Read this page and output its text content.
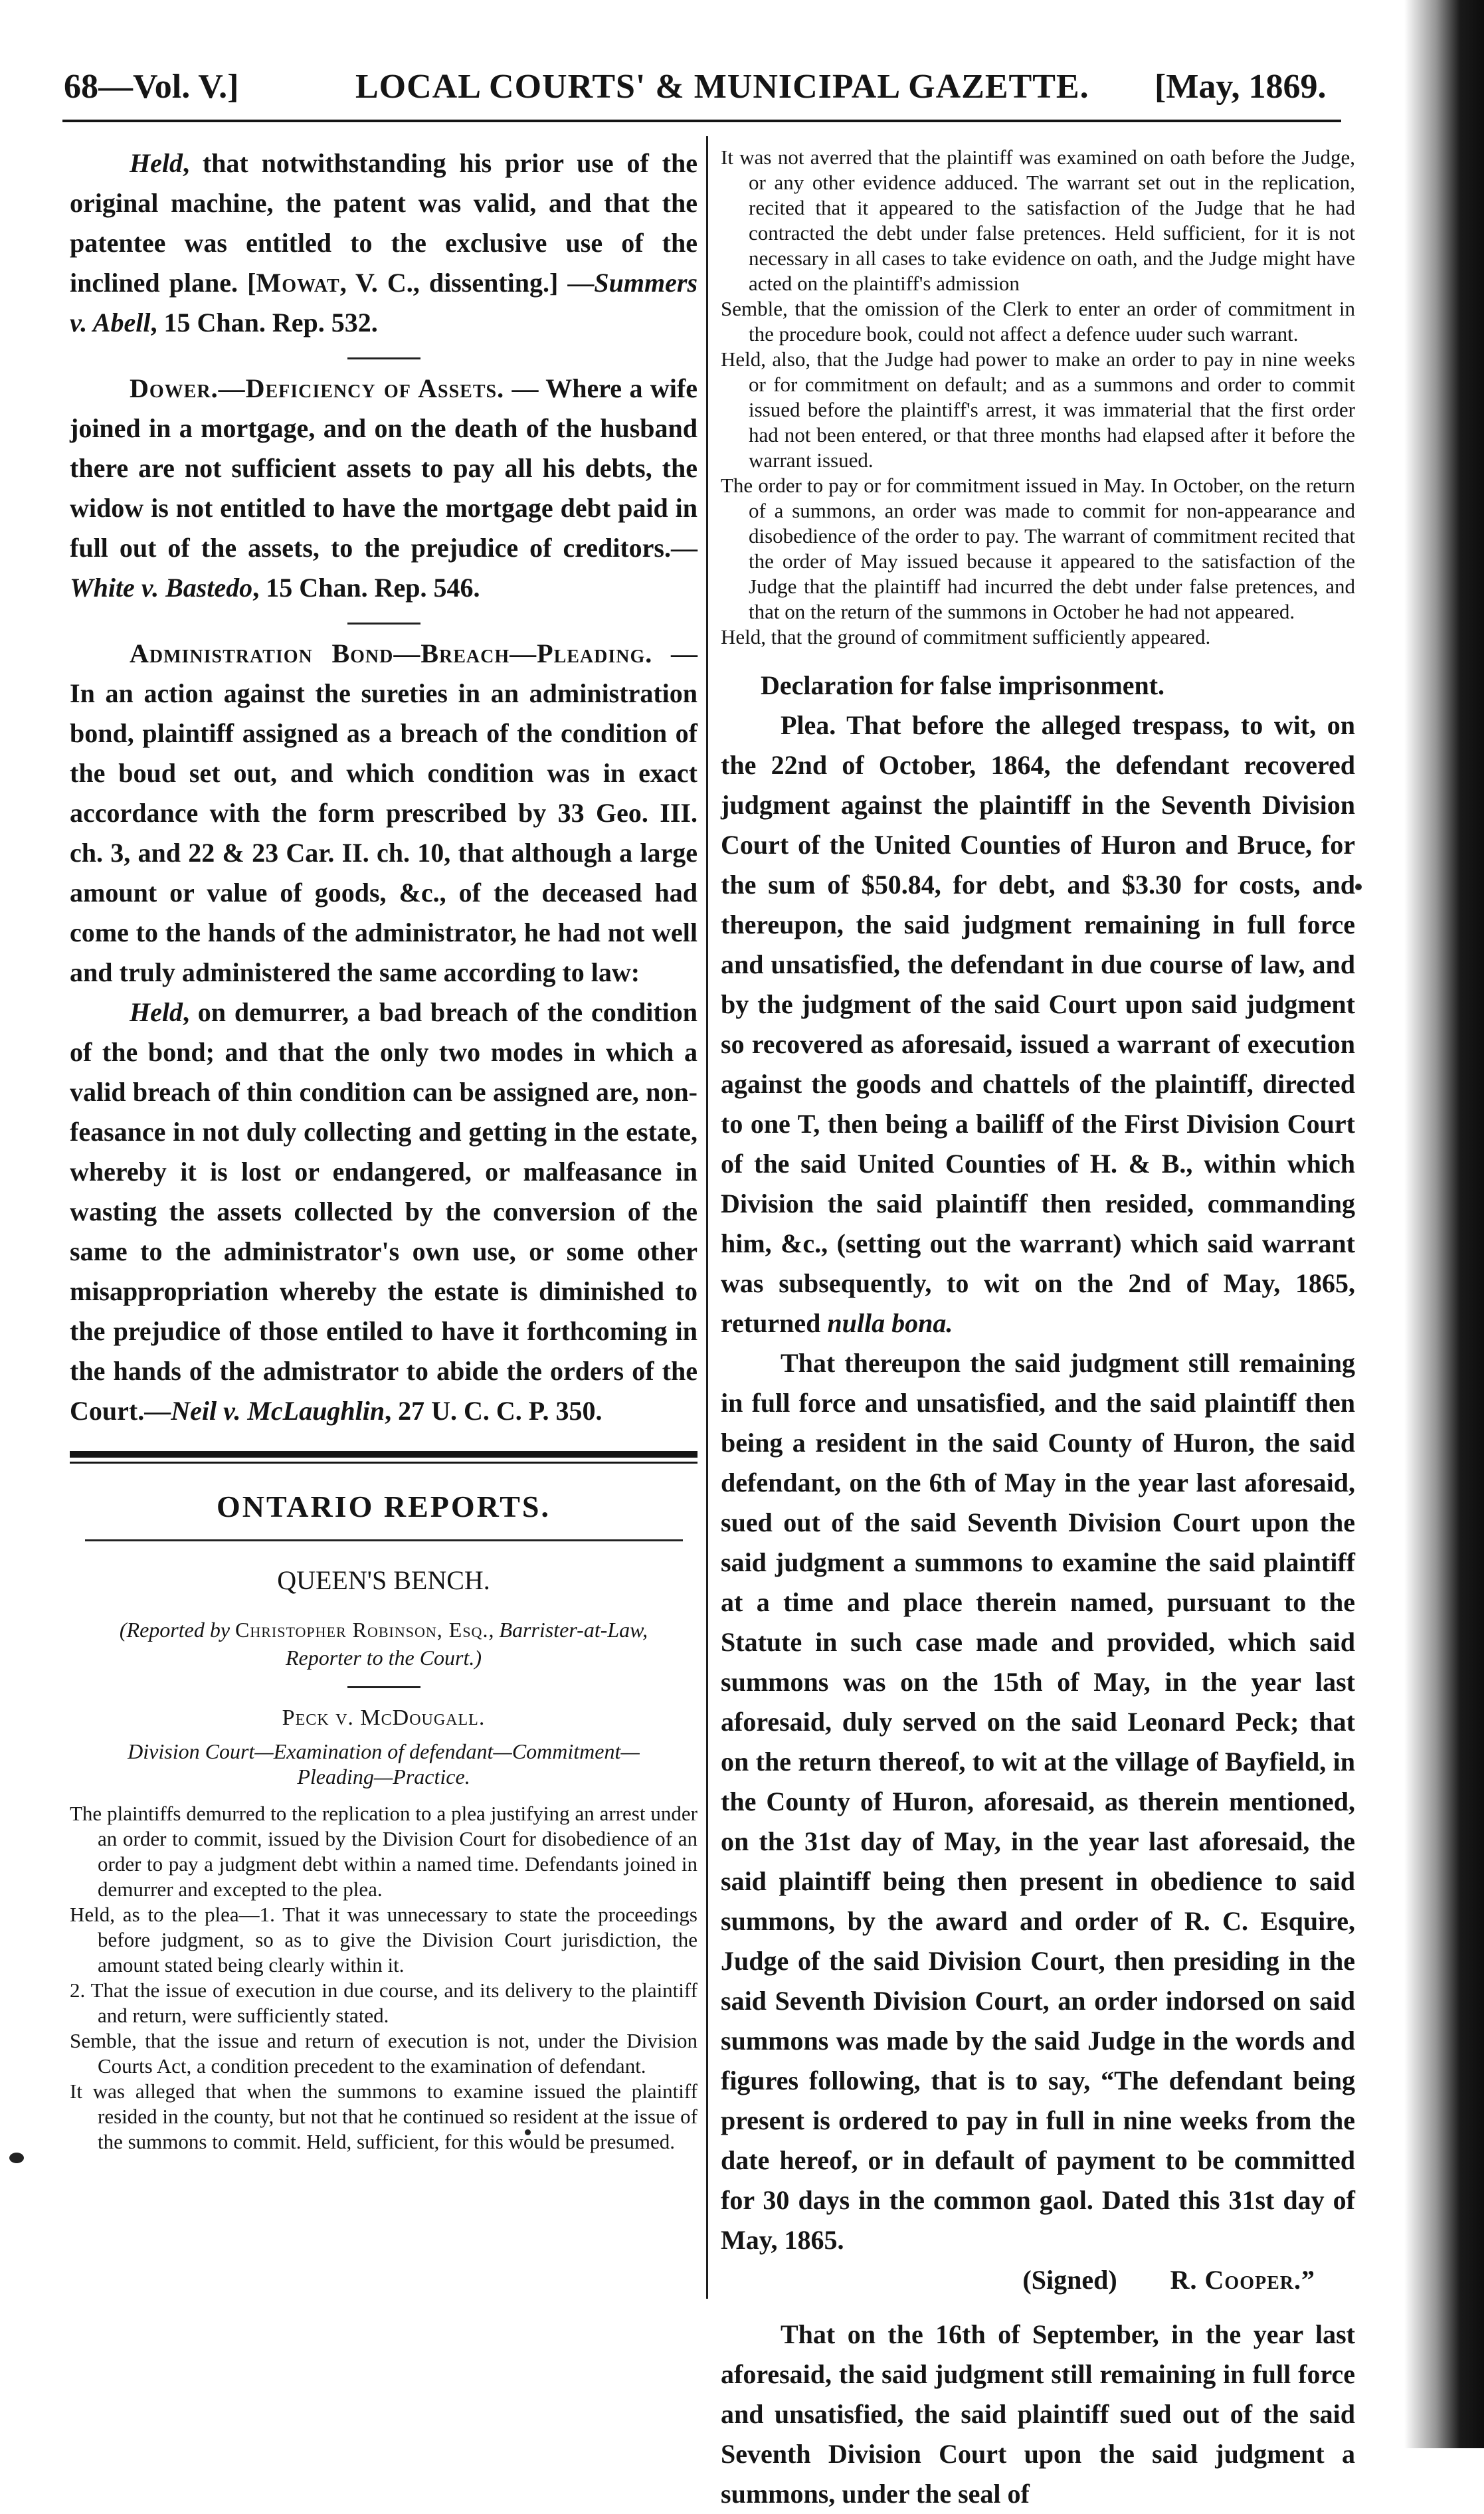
68—Vol. V.]	LOCAL COURTS' & MUNICIPAL GAZETTE. [May, 1869.

Held, that notwithstanding his prior use of the original machine, the patent was valid, and that the patentee was entitled to the exclusive use of the inclined plane. [Mowat, V. C., dissenting.] —Summers v. Abell, 15 Chan. Rep. 532.

Dower.—Deficiency of Assets. — Where a wife joined in a mortgage, and on the death of the husband there are not sufficient assets to pay all his debts, the widow is not entitled to have the mortgage debt paid in full out of the assets, to the prejudice of creditors.— White v. Bastedo, 15 Chan. Rep. 546.

Administration Bond—Breach—Pleading. —In an action against the sureties in an administration bond, plaintiff assigned as a breach of the condition of the boud set out, and which condition was in exact accordance with the form prescribed by 33 Geo. III. ch. 3, and 22 & 23 Car. II. ch. 10, that although a large amount or value of goods, &c., of the deceased had come to the hands of the administrator, he had not well and truly administered the same according to law:

Held, on demurrer, a bad breach of the condition of the bond; and that the only two modes in which a valid breach of thin condition can be assigned are, non-feasance in not duly collecting and getting in the estate, whereby it is lost or endangered, or malfeasance in wasting the assets collected by the conversion of the same to the administrator's own use, or some other misappropriation whereby the estate is diminished to the prejudice of those entiled to have it forthcoming in the hands of the admistrator to abide the orders of the Court.—Neil v. McLaughlin, 27 U. C. C. P. 350.

ONTARIO REPORTS.
QUEEN'S BENCH.

(Reported by Christopher Robinson, Esq., Barrister-at-Law, Reporter to the Court.)

Peck v. McDougall.
Division Court—Examination of defendant—Commitment—Pleading—Practice.

The plaintiffs demurred to the replication to a plea justifying an arrest under an order to commit, issued by the Division Court for disobedience of an order to pay a judgment debt within a named time. Defendants joined in demurrer and excepted to the plea.

Held, as to the plea—1. That it was unnecessary to state the proceedings before judgment, so as to give the Division Court jurisdiction, the amount stated being clearly within it.

2. That the issue of execution in due course, and its delivery to the plaintiff and return, were sufficiently stated.

Semble, that the issue and return of execution is not, under the Division Courts Act, a condition precedent to the examination of defendant.

It was alleged that when the summons to examine issued the plaintiff resided in the county, but not that he continued so resident at the issue of the summons to commit. Held, sufficient, for this would be presumed.

It was not averred that the plaintiff was examined on oath before the Judge, or any other evidence adduced. The warrant set out in the replication, recited that it appeared to the satisfaction of the Judge that he had contracted the debt under false pretences. Held sufficient, for it is not necessary in all cases to take evidence on oath, and the Judge might have acted on the plaintiff's admission

Semble, that the omission of the Clerk to enter an order of commitment in the procedure book, could not affect a defence uuder such warrant.

Held, also, that the Judge had power to make an order to pay in nine weeks or for commitment on default; and as a summons and order to commit issued before the plaintiff's arrest, it was immaterial that the first order had not been entered, or that three months had elapsed after it before the warrant issued.

The order to pay or for commitment issued in May. In October, on the return of a summons, an order was made to commit for non-appearance and disobedience of the order to pay. The warrant of commitment recited that the order of May issued because it appeared to the satisfaction of the Judge that the plaintiff had incurred the debt under false pretences, and that on the return of the summons in October he had not appeared.

Held, that the ground of commitment sufficiently appeared.

Declaration for false imprisonment.

Plea. That before the alleged trespass, to wit, on the 22nd of October, 1864, the defendant recovered judgment against the plaintiff in the Seventh Division Court of the United Counties of Huron and Bruce, for the sum of $50.84, for debt, and $3.30 for costs, and thereupon, the said judgment remaining in full force and unsatisfied, the defendant in due course of law, and by the judgment of the said Court upon said judgment so recovered as aforesaid, issued a warrant of execution against the goods and chattels of the plaintiff, directed to one T, then being a bailiff of the First Division Court of the said United Counties of H. & B., within which Division the said plaintiff then resided, commanding him, &c., (setting out the warrant) which said warrant was subsequently, to wit on the 2nd of May, 1865, returned nulla bona.

That thereupon the said judgment still remaining in full force and unsatisfied, and the said plaintiff then being a resident in the said County of Huron, the said defendant, on the 6th of May in the year last aforesaid, sued out of the said Seventh Division Court upon the said judgment a summons to examine the said plaintiff at a time and place therein named, pursuant to the Statute in such case made and provided, which said summons was on the 15th of May, in the year last aforesaid, duly served on the said Leonard Peck; that on the return thereof, to wit at the village of Bayfield, in the County of Huron, aforesaid, as therein mentioned, on the 31st day of May, in the year last aforesaid, the said plaintiff being then present in obedience to said summons, by the award and order of R. C. Esquire, Judge of the said Division Court, then presiding in the said Seventh Division Court, an order indorsed on said summons was made by the said Judge in the words and figures following, that is to say, “The defendant being present is ordered to pay in full in nine weeks from the date hereof, or in default of payment to be committed for 30 days in the common gaol. Dated this 31st day of May, 1865.

(Signed) R. Cooper.”

That on the 16th of September, in the year last aforesaid, the said judgment still remaining in full force and unsatisfied, the said plaintiff sued out of the said Seventh Division Court upon the said judgment a summons, under the seal of
